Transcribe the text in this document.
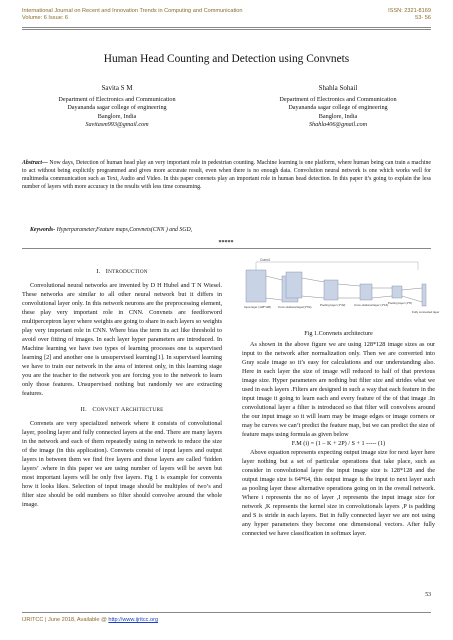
International Journal on Recent and Innovation Trends in Computing and Communication
Volume: 6 Issue: 6
ISSN: 2321-8169
53- 56
Human Head Counting and Detection using Convnets
Savita S M
Department of Electronics and Communication
Dayananda sagar college of engineering
Banglore, India
Savitasm993@gmail.com
Shahla Sohail
Department of Electronics and Communication
Dayananda sagar college of engineering
Banglore, India
Shahla406@gmail.com
Abstract— Now days, Detection of human head play an very important role in pedestrian counting. Machine learning is one platform, where human being can train a machine to act without being explicitly programmed and gives more accurate result, even when there is no enough data. Convolution neural network is one which works well for multimedia communication such as Text, Audio and Video. In this paper convnets play an important role in human head detection. In this paper it’s going to explain the less number of layers with more accuracy in the results with less time consuming.
Keywords- Hyperparameter,Feature maps,Convnets(CNN ) and SGD,
*****
I. INTRODUCTION

Convolutional neural networks are invented by D H Hubel and T N Wiesel. These networks are similar to all other neural network but it differs in convolutional layer only. In this network neurons are the preprocessing element, these play very important role in CNN. Convnets are feedforword multiperceptron layer where weights are going to share in each layers so weights play very important role in CNN. Where bias the term its act like threshold to avoid over fitting of images. In each layer hyper parameters are introduced. In Machine learning we have two types of learning processes one is supervised learning [2] and another one is unsupervised learning[1]. In supervised learning we have to train our network in the area of interest only, in this learning stage you are the teacher to the network you are forcing you to the network to learn only those features. Unsupervised nothing but randomly we are extracting features.

II. CONVNET ARCHITECTURE

Convnets are very specialized network where it consists of convolutional layer, pooling layer and fully connected layers at the end. There are many layers in the network and each of them repeatedly using in network to reduce the size of the image (in this application). Convnets consist of input layers and output layers in between them we find five layers and those layers are called ‘hidden layers’ .where in this paper we are using number of layers will be seven but most important layers will be only five layers. Fig 1 is example for convents how it looks likes. Selection of input image should be multiples of two’s and filter size should be odd numbers so filter should convolve around the whole image.

Conv4
Input layer (128*128) Conv-olutional layer(1*64)	Pooling layer (1*32)	Conv-olutional layer (1*16) Pooling layer (1*8)
Fully connected layer
Fig 1.Convnets architecture

As shown in the above figure we are using 128*128 image sizes as our input to the network after normalization only. Then we are converted into Gray scale image so it’s easy for calculations and our understanding also. Here in each layer the size of image will reduced to half of that previous image size. Hyper parameters are nothing but filter size and strides what we used in each layers .Filters are designed in such a way that each feature in the input image it going to learn each and every feature of the of that image .In convolutional layer a filter is introduced so that filter will convolves around the our input image so it will learn may be image edges or image corners or may be curves we can’t predict the feature map, but we can predict the size of feature maps using formula as given below

F.M (i) = (1 – K + 2P) / S + 1 ----- (1)

Above equation represents expecting output image size for next layer here layer nothing but a set of particular operations that take place, such as consider in convolutional layer the input image size is 128*128 and the output image size is 64*64, this output image is the input to next layer such as pooling layer these alternative operations going on in the overall network. Where i represents the no of layer ,I represents the input image size for network ,K represents the kernel size in convolutionals layers ,P is padding and S is stride in each layers. But in fully connected layer we are not using any hyper parameters they become one dimensional vectors. After fully connected we have classification in softmax layer.

53
IJRITCC | June 2018, Available @ http://www.ijritcc.org
